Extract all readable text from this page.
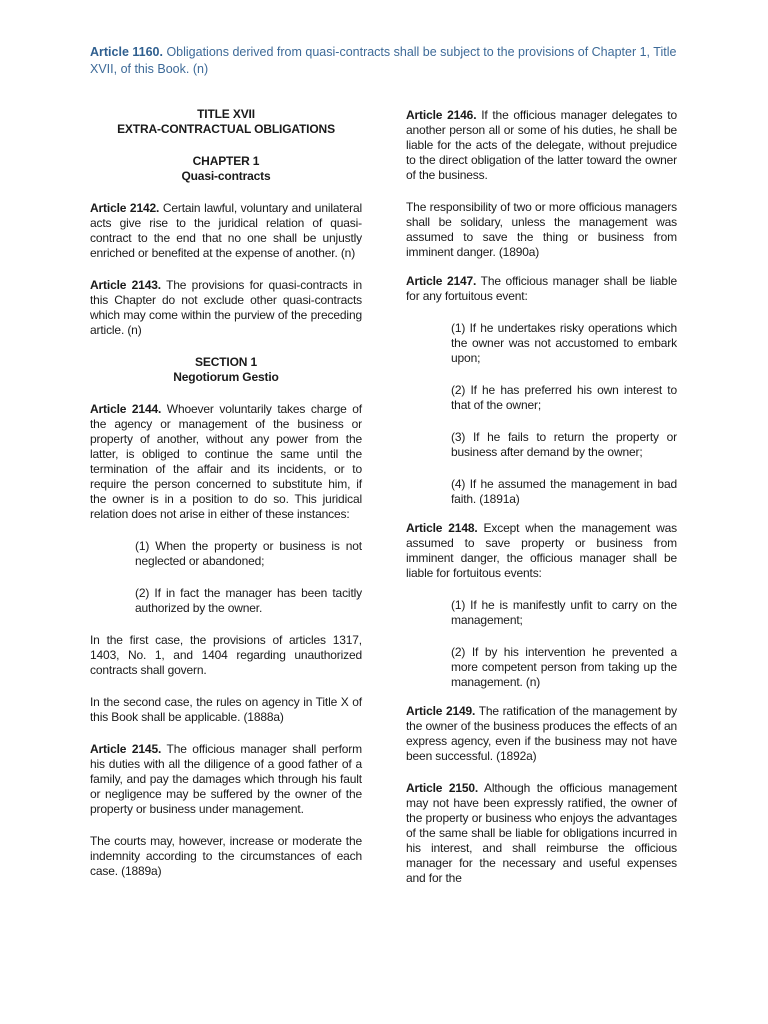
Article 1160. Obligations derived from quasi-contracts shall be subject to the provisions of Chapter 1, Title XVII, of this Book. (n)

TITLE XVII

EXTRA-CONTRACTUAL OBLIGATIONS

CHAPTER 1

Quasi-contracts

Article 2142. Certain lawful, voluntary and unilateral acts give rise to the juridical relation of quasi-contract to the end that no one shall be unjustly enriched or benefited at the expense of another. (n)

Article 2143. The provisions for quasi-contracts in this Chapter do not exclude other quasi-contracts which may come within the purview of the preceding article. (n)

SECTION 1

Negotiorum Gestio

Article 2144. Whoever voluntarily takes charge of the agency or management of the business or property of another, without any power from the latter, is obliged to continue the same until the termination of the affair and its incidents, or to require the person concerned to substitute him, if the owner is in a position to do so. This juridical relation does not arise in either of these instances:

(1) When the property or business is not neglected or abandoned;

(2) If in fact the manager has been tacitly authorized by the owner.

In the first case, the provisions of articles 1317, 1403, No. 1, and 1404 regarding unauthorized contracts shall govern.

In the second case, the rules on agency in Title X of this Book shall be applicable. (1888a)

Article 2145. The officious manager shall perform his duties with all the diligence of a good father of a family, and pay the damages which through his fault or negligence may be suffered by the owner of the property or business under management.

The courts may, however, increase or moderate the indemnity according to the circumstances of each case. (1889a)

Article 2146. If the officious manager delegates to another person all or some of his duties, he shall be liable for the acts of the delegate, without prejudice to the direct obligation of the latter toward the owner of the business.

The responsibility of two or more officious managers shall be solidary, unless the management was assumed to save the thing or business from imminent danger. (1890a)

Article 2147. The officious manager shall be liable for any fortuitous event:

(1) If he undertakes risky operations which the owner was not accustomed to embark upon;

(2) If he has preferred his own interest to that of the owner;

(3) If he fails to return the property or business after demand by the owner;

(4) If he assumed the management in bad faith. (1891a)

Article 2148. Except when the management was assumed to save property or business from imminent danger, the officious manager shall be liable for fortuitous events:

(1) If he is manifestly unfit to carry on the management;

(2) If by his intervention he prevented a more competent person from taking up the management. (n)

Article 2149. The ratification of the management by the owner of the business produces the effects of an express agency, even if the business may not have been successful. (1892a)

Article 2150. Although the officious management may not have been expressly ratified, the owner of the property or business who enjoys the advantages of the same shall be liable for obligations incurred in his interest, and shall reimburse the officious manager for the necessary and useful expenses and for the
